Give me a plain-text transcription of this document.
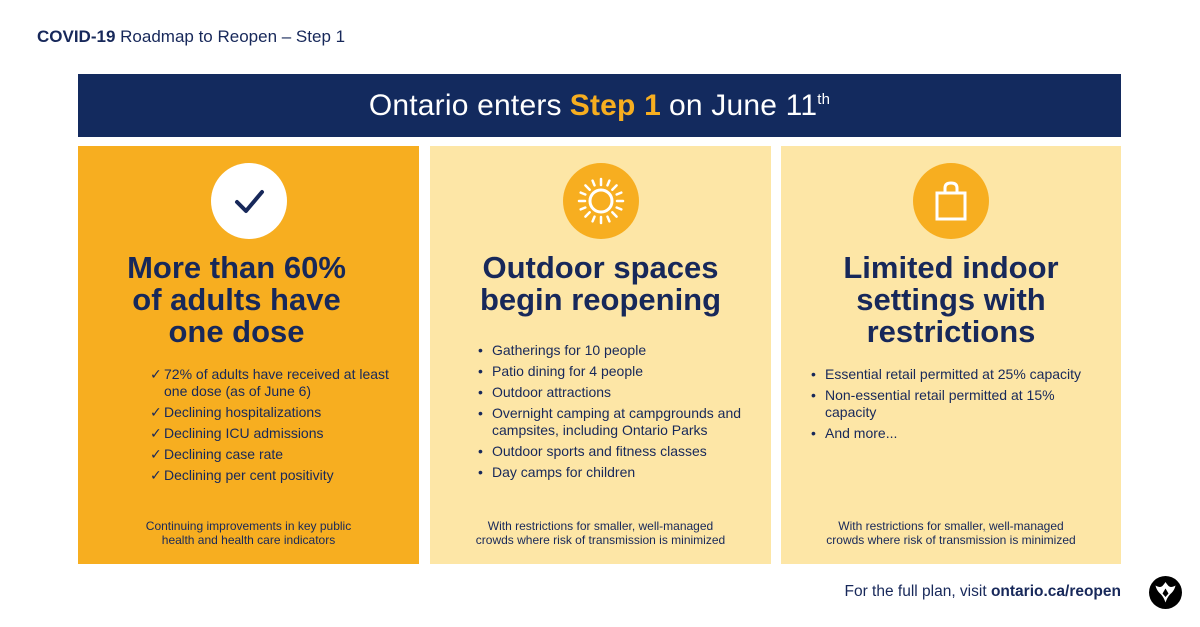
COVID-19 Roadmap to Reopen – Step 1
Ontario enters Step 1 on June 11th
More than 60%
of adults have
one dose
✓ 72% of adults have received at least one dose (as of June 6)
✓ Declining hospitalizations
✓ Declining ICU admissions
✓ Declining case rate
✓ Declining per cent positivity
Continuing improvements in key public
health and health care indicators
Outdoor spaces
begin reopening
• Gatherings for 10 people
• Patio dining for 4 people
• Outdoor attractions
• Overnight camping at campgrounds and campsites, including Ontario Parks
• Outdoor sports and fitness classes
• Day camps for children
With restrictions for smaller, well-managed
crowds where risk of transmission is minimized
Limited indoor
settings with
restrictions
• Essential retail permitted at 25% capacity
• Non-essential retail permitted at 15% capacity
• And more...
With restrictions for smaller, well-managed
crowds where risk of transmission is minimized
For the full plan, visit ontario.ca/reopen
